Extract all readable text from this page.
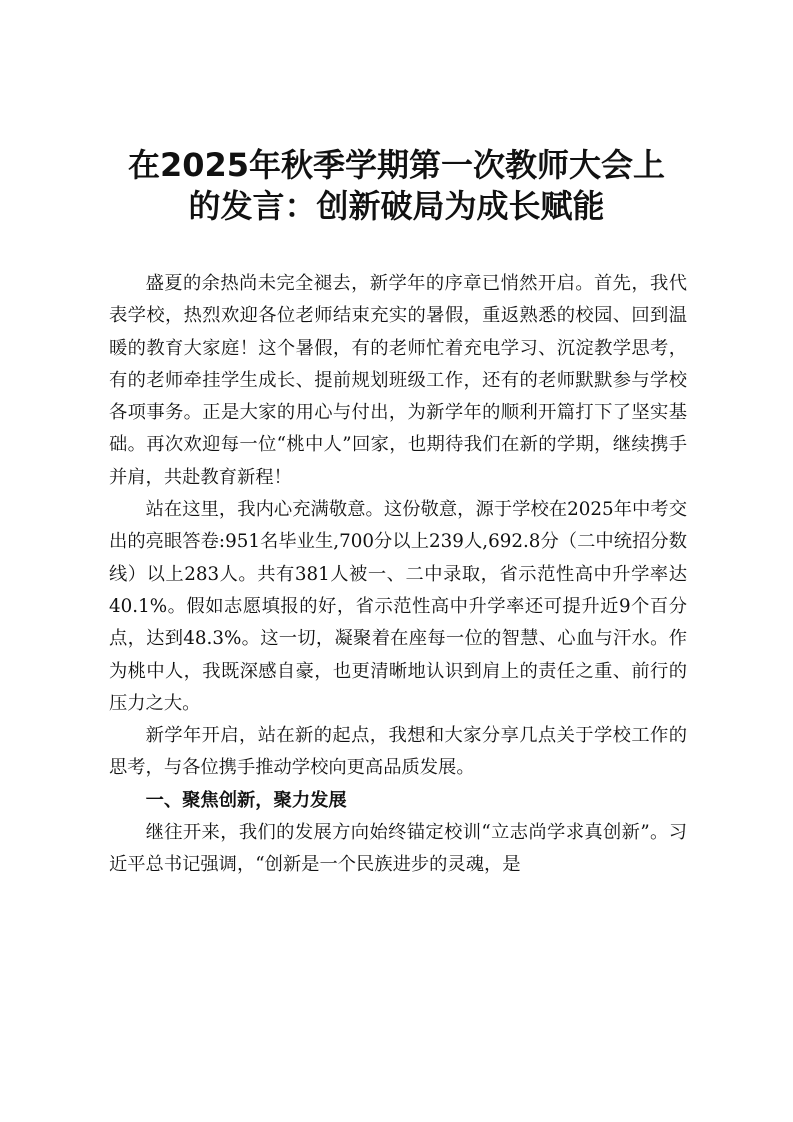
在2025年秋季学期第一次教师大会上
的发言：创新破局为成长赋能

盛夏的余热尚未完全褪去，新学年的序章已悄然开启。首先，我代表学校，热烈欢迎各位老师结束充实的暑假，重返熟悉的校园、回到温暖的教育大家庭！这个暑假，有的老师忙着充电学习、沉淀教学思考，有的老师牵挂学生成长、提前规划班级工作，还有的老师默默参与学校各项事务。正是大家的用心与付出，为新学年的顺利开篇打下了坚实基础。再次欢迎每一位“桃中人”回家，也期待我们在新的学期，继续携手并肩，共赴教育新程！

站在这里，我内心充满敬意。这份敬意，源于学校在2025年中考交出的亮眼答卷:951名毕业生,700分以上239人,692.8分（二中统招分数线）以上283人。共有381人被一、二中录取，省示范性高中升学率达40.1%。假如志愿填报的好，省示范性高中升学率还可提升近9个百分点，达到48.3%。这一切，凝聚着在座每一位的智慧、心血与汗水。作为桃中人，我既深感自豪，也更清晰地认识到肩上的责任之重、前行的压力之大。

新学年开启，站在新的起点，我想和大家分享几点关于学校工作的思考，与各位携手推动学校向更高品质发展。

一、聚焦创新，聚力发展

继往开来，我们的发展方向始终锚定校训“立志尚学求真创新”。习近平总书记强调，“创新是一个民族进步的灵魂，是
